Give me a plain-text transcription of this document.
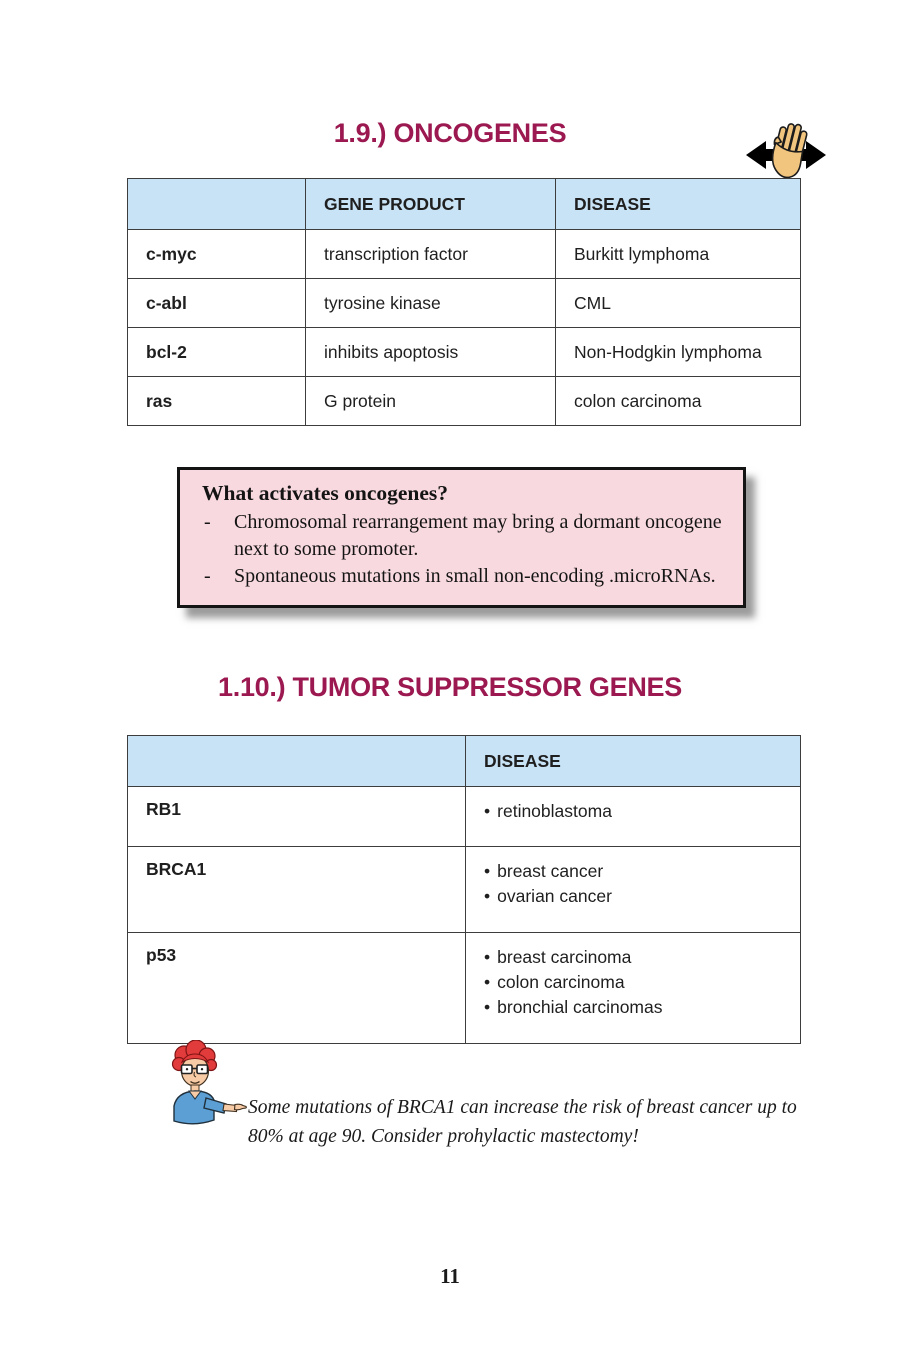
1.9.) ONCOGENES
	GENE PRODUCT	DISEASE
c-myc	transcription factor	Burkitt lymphoma
c-abl	tyrosine kinase	CML
bcl-2	inhibits apoptosis	Non-Hodgkin lymphoma
ras	G protein	colon carcinoma
What activates oncogenes?
-	Chromosomal rearrangement may bring a dormant oncogene next to some promoter.
-	Spontaneous mutations in small non-encoding .microRNAs.
1.10.) TUMOR SUPPRESSOR GENES
	DISEASE
RB1	• retinoblastoma

BRCA1	• breast cancer
• ovarian cancer

p53	• breast carcinoma
• colon carcinoma
• bronchial carcinomas
Some mutations of BRCA1 can increase the risk of breast cancer up to 80% at age 90. Consider prohylactic mastectomy!
11
